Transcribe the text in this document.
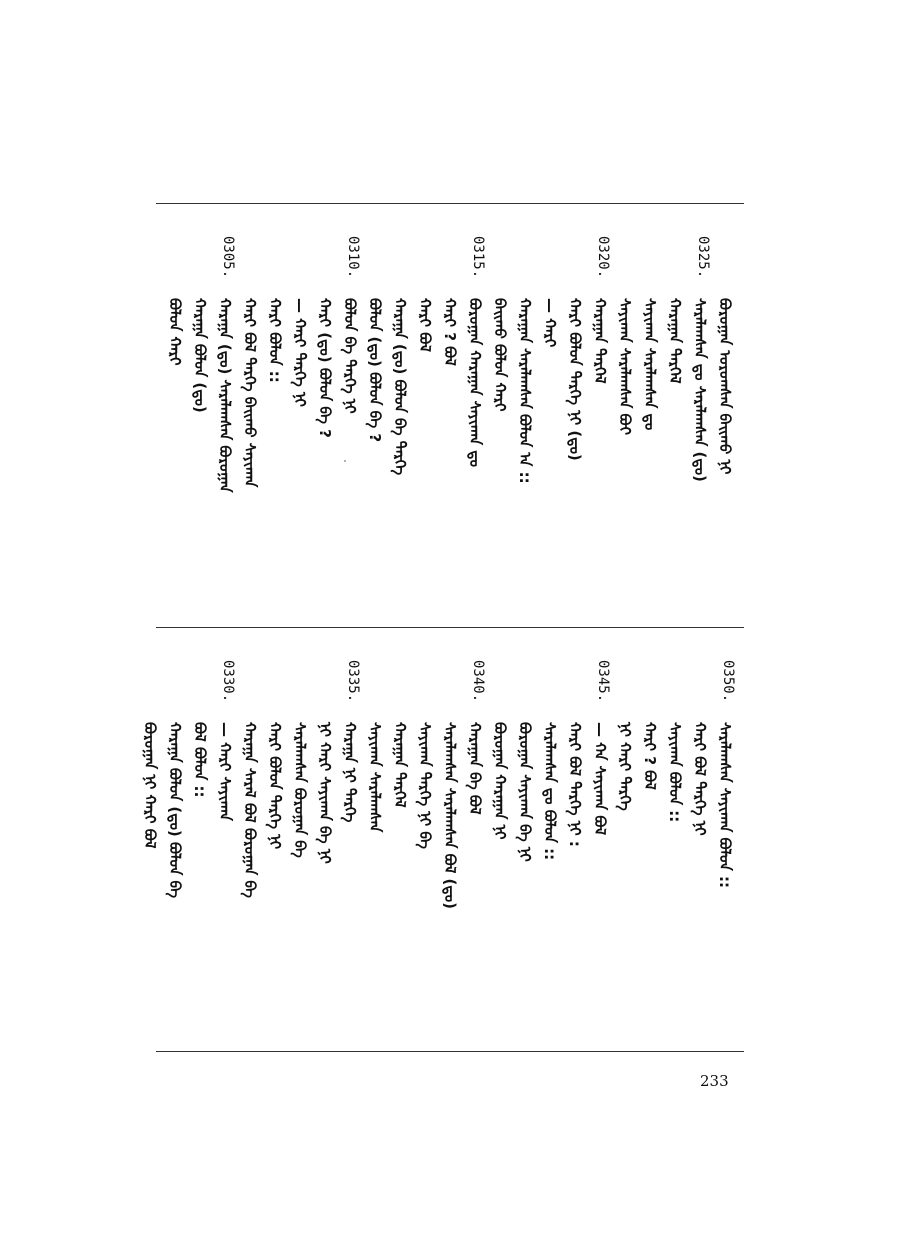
ᠪᠣᠷᠣᠭᠠᠨ ᠣᠷᠣᠭᠰᠠᠨ ᠪᠠᠢ᠌ᠬᠤ ᠨᠢ
0325.
ᠰᠠᠷᠠᠯᠠᠭᠰᠠᠨ ᠳᠤ ᠰᠠᠷᠠᠯᠠᠭᠰᠠᠨ (ᠳᠤ)
ᠬᠠᠷᠠᠭᠠᠨ ᠲᠡᠷᠭᠡᠯ
ᠰᠠᠶᠢᠬᠠᠨ ᠰᠠᠷᠠᠯᠠᠭᠰᠠᠨ ᠳᠤ
ᠰᠠᠶᠢᠬᠠᠨ ᠰᠠᠷᠠᠯᠠᠭᠰᠠᠨ ᠪᠤᠢ
0320.
ᠬᠠᠷᠠᠭᠠᠨ ᠲᠡᠷᠭᠡᠯ
ᠬᠠᠷᠢ ᠪᠣᠯᠤᠨ ᠲᠡᠷᠭᠡ ᠨᠢ (ᠳᠤ)
— ᠬᠠᠷᠢ
ᠬᠠᠷᠠᠭᠠᠨ ᠰᠠᠷᠠᠯᠠᠭᠰᠠᠨ ᠪᠣᠯᠤᠨ ᠠ ::
ᠪᠠᠢ᠌ᠬᠤ ᠪᠣᠯᠤᠨ ᠬᠠᠷᠢ
0315.
ᠪᠣᠷᠣᠭᠠᠨ ᠬᠠᠷᠠᠭᠠᠨ ᠰᠠᠶᠢᠬᠠᠨ ᠳᠤ
ᠬᠠᠷᠢ ? ᠪᠣᠯ
ᠬᠠᠷᠢ ᠪᠣᠯ
ᠬᠠᠷᠠᠭᠠ (ᠳᠤ) ᠪᠣᠯᠤᠨ ᠪᠠ ᠲᠡᠷᠭᠡ
ᠪᠣᠯᠤᠨ (ᠳᠤ) ᠪᠣᠯᠤᠨ ᠪᠠ ?
0310.
ᠪᠣᠯᠤᠨ ᠪᠠ ᠲᠡᠷᠭᠡ ᠨᠢ
ᠬᠠᠷᠢ (ᠳᠤ) ᠪᠣᠯᠤᠨ ᠪᠠ ?
— ᠬᠠᠷᠢ ᠲᠡᠷᠭᠡ ᠨᠢ
ᠬᠠᠷᠢ ᠪᠣᠯᠤᠨ ::
ᠬᠠᠷᠢ ᠪᠣᠯ ᠲᠡᠷᠭᠡ ᠪᠠᠢ᠌ᠬᠤ ᠰᠠᠶᠢᠬᠠᠨ
0305.
ᠬᠠᠷᠠᠭᠠ (ᠳᠤ) ᠰᠠᠷᠠᠯᠠᠭᠰᠠᠨ ᠪᠣᠷᠣᠭᠠᠨ
ᠬᠠᠷᠠᠭᠠ ᠪᠣᠯᠤᠨ (ᠳᠤ)
ᠪᠣᠯᠤᠨ ᠬᠠᠷᠢ
0350.
ᠰᠠᠷᠠᠯᠠᠭᠰᠠᠨ ᠰᠠᠶᠢᠬᠠᠨ ᠪᠣᠯᠤᠨ ::
ᠬᠠᠷᠢ ᠪᠣᠯ ᠲᠡᠷᠭᠡ ᠨᠢ
ᠰᠠᠶᠢᠬᠠᠨ ᠪᠣᠯᠤᠨ ::
ᠬᠠᠷᠢ ? ᠪᠣᠯ
ᠨᠢ ᠬᠠᠷᠢ ᠲᠡᠷᠭᠡ
0345.
— ᠬᠠ ᠰᠠᠶᠢᠬᠠᠨ ᠪᠣᠯ
ᠬᠠᠷᠢ ᠪᠣᠯ ᠲᠡᠷᠭᠡ ᠨᠢ :
ᠰᠠᠷᠠᠯᠠᠭᠰᠠᠨ ᠳᠤ ᠪᠣᠯᠤᠨ ::
ᠪᠣᠷᠣᠭᠠᠨ ᠰᠠᠶᠢᠬᠠᠨ ᠪᠠ ᠨᠢ
ᠪᠣᠷᠣᠭᠠᠨ ᠬᠠᠷᠠᠭᠠᠨ ᠨᠢ
0340.
ᠬᠠᠷᠠᠭᠠᠨ ᠪᠠ ᠪᠣᠯ
ᠰᠠᠷᠠᠯᠠᠭᠰᠠᠨ ᠰᠠᠷᠠᠯᠠᠭᠰᠠᠨ ᠪᠣᠯ (ᠳᠤ)
ᠰᠠᠶᠢᠬᠠᠨ ᠲᠡᠷᠭᠡ ᠨᠢ ᠪᠠ
ᠬᠠᠷᠠᠭᠠᠨ ᠲᠡᠷᠭᠡᠯ
ᠰᠠᠶᠢᠬᠠᠨ ᠰᠠᠷᠠᠯᠠᠭᠰᠠᠨ
0335.
ᠬᠠᠷᠠᠭᠠ ᠨᠢ ᠲᠡᠷᠭᠡ
ᠨᠢ ᠬᠠᠷᠢ ᠰᠠᠶᠢᠬᠠᠨ ᠪᠠ ᠨᠢ
ᠰᠠᠷᠠᠯᠠᠭᠰᠠᠨ ᠪᠣᠷᠣᠭᠠᠨ ᠪᠠ
ᠬᠠᠷᠢ ᠪᠣᠯᠤᠨ ᠲᠡᠷᠭᠡ ᠨᠢ
ᠬᠠᠷᠠᠭᠠ ᠰᠠᠷᠠᠯ ᠪᠣᠯ ᠪᠣᠷᠣᠭᠠᠨ ᠪᠠ
0330.
— ᠬᠠᠷᠢ ᠰᠠᠶᠢᠬᠠᠨ
ᠪᠣᠯ ᠪᠣᠯᠤᠨ ::
ᠬᠠᠷᠠᠭᠠ ᠪᠣᠯᠤᠨ (ᠳᠤ) ᠪᠣᠯᠤᠨ ᠪᠠ
ᠪᠣᠷᠣᠭᠠᠨ ᠨᠢ ᠬᠠᠷᠢ ᠪᠣᠯ
233
